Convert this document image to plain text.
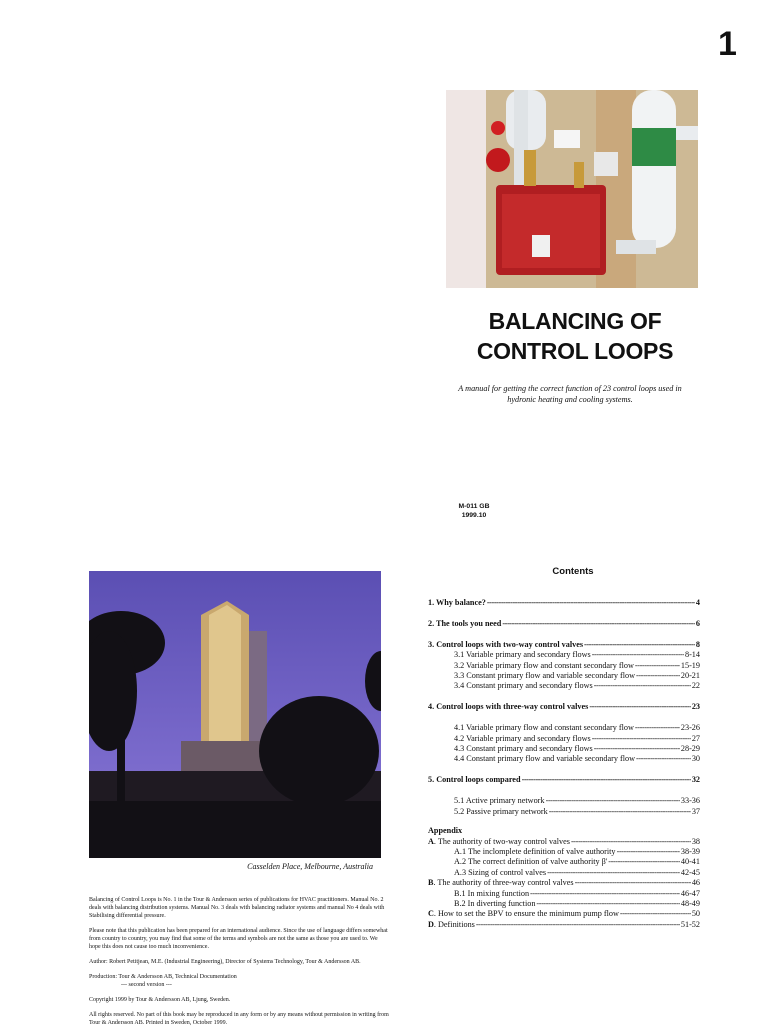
1
BALANCING OF
CONTROL LOOPS
A manual for getting the correct function of 23 control loops used in hydronic heating and cooling systems.
M-011 GB
1999.10
Casselden Place, Melbourne, Australia

Balancing of Control Loops is No. 1 in the Tour & Andersson series of publications for HVAC practitioners. Manual No. 2 deals with balancing distribution systems. Manual No. 3 deals with balancing radiator systems and manual No 4 deals with Stabilising differential pressure.

Please note that this publication has been prepared for an international audience. Since the use of language differs somewhat from country to country, you may find that some of the terms and symbols are not the same as those you are used to. We hope this does not cause too much inconvenience.

Author: Robert Petitjean, M.E. (Industrial Engineering), Director of Systems Technology, Tour & Andersson AB.

Production: Tour & Andersson AB, Technical Documentation
--- second version ---

Copyright 1999 by Tour & Andersson AB, Ljung, Sweden.

All rights reserved. No part of this book may be reproduced in any form or by any means without permission in writing from Tour & Andersson AB. Printed in Sweden, October 1999.

Contents
1. Why balance? -----	4
2. The tools you need -----	6
3. Control loops with two-way control valves -----	8
3.1 Variable primary and secondary flows -----	8-14
3.2 Variable primary flow and constant secondary flow -----	15-19
3.3 Constant primary flow and variable secondary flow -----	20-21
3.4 Constant primary and secondary flows -----	22
4. Control loops with three-way control valves -----	23
4.1 Variable primary flow and constant secondary flow -----	23-26
4.2 Variable primary and secondary flows -----	27
4.3 Constant primary and secondary flows -----	28-29
4.4 Constant primary flow and variable secondary flow -----	30
5. Control loops compared -----	32
5.1 Active primary network -----	33-36
5.2 Passive primary network -----	37
Appendix
A. The authority of two-way control valves -----	38
A.1 The inclomplete definition of valve authority -----	38-39
A.2 The correct definition of valve authority β' -----	40-41
A.3 Sizing of control valves -----	42-45
B. The authority of three-way control valves -----	46
B.1 In mixing function -----	46-47
B.2 In diverting function -----	48-49
C. How to set the BPV to ensure the minimum pump flow -----	50
D. Definitions -----	51-52
